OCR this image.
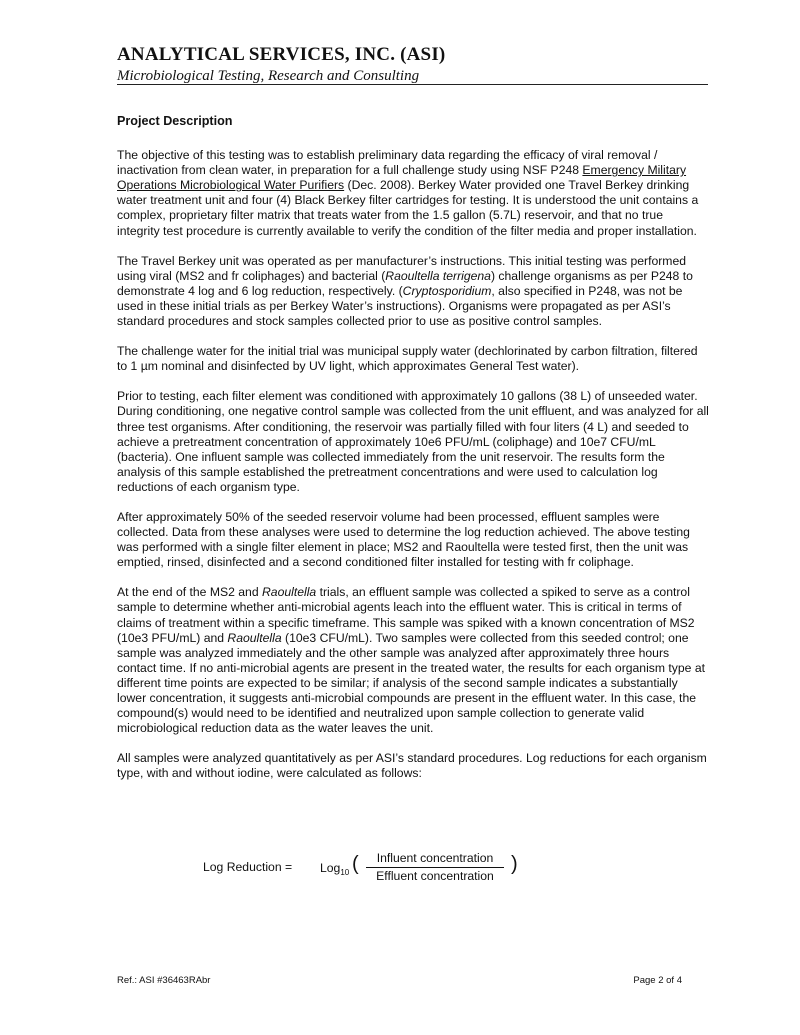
ANALYTICAL SERVICES, INC. (ASI)
Microbiological Testing, Research and Consulting
Project Description

The objective of this testing was to establish preliminary data regarding the efficacy of viral removal / inactivation from clean water, in preparation for a full challenge study using NSF P248 Emergency Military Operations Microbiological Water Purifiers (Dec. 2008). Berkey Water provided one Travel Berkey drinking water treatment unit and four (4) Black Berkey filter cartridges for testing. It is understood the unit contains a complex, proprietary filter matrix that treats water from the 1.5 gallon (5.7L) reservoir, and that no true integrity test procedure is currently available to verify the condition of the filter media and proper installation.

The Travel Berkey unit was operated as per manufacturer’s instructions. This initial testing was performed using viral (MS2 and fr coliphages) and bacterial (Raoultella terrigena) challenge organisms as per P248 to demonstrate 4 log and 6 log reduction, respectively. (Cryptosporidium, also specified in P248, was not be used in these initial trials as per Berkey Water’s instructions). Organisms were propagated as per ASI’s standard procedures and stock samples collected prior to use as positive control samples.

The challenge water for the initial trial was municipal supply water (dechlorinated by carbon filtration, filtered to 1 µm nominal and disinfected by UV light, which approximates General Test water).

Prior to testing, each filter element was conditioned with approximately 10 gallons (38 L) of unseeded water. During conditioning, one negative control sample was collected from the unit effluent, and was analyzed for all three test organisms. After conditioning, the reservoir was partially filled with four liters (4 L) and seeded to achieve a pretreatment concentration of approximately 10e6 PFU/mL (coliphage) and 10e7 CFU/mL (bacteria). One influent sample was collected immediately from the unit reservoir. The results form the analysis of this sample established the pretreatment concentrations and were used to calculation log reductions of each organism type.

After approximately 50% of the seeded reservoir volume had been processed, effluent samples were collected. Data from these analyses were used to determine the log reduction achieved. The above testing was performed with a single filter element in place; MS2 and Raoultella were tested first, then the unit was emptied, rinsed, disinfected and a second conditioned filter installed for testing with fr coliphage.

At the end of the MS2 and Raoultella trials, an effluent sample was collected a spiked to serve as a control sample to determine whether anti-microbial agents leach into the effluent water. This is critical in terms of claims of treatment within a specific timeframe. This sample was spiked with a known concentration of MS2 (10e3 PFU/mL) and Raoultella (10e3 CFU/mL). Two samples were collected from this seeded control; one sample was analyzed immediately and the other sample was analyzed after approximately three hours contact time. If no anti-microbial agents are present in the treated water, the results for each organism type at different time points are expected to be similar; if analysis of the second sample indicates a substantially lower concentration, it suggests anti-microbial compounds are present in the effluent water. In this case, the compound(s) would need to be identified and neutralized upon sample collection to generate valid microbiological reduction data as the water leaves the unit.

All samples were analyzed quantitatively as per ASI’s standard procedures. Log reductions for each organism type, with and without iodine, were calculated as follows:

Log Reduction = Log$_{10}$ (	Influent concentration
Effluent concentration
)
Ref.: ASI #36463RAbr	Page 2 of 4
